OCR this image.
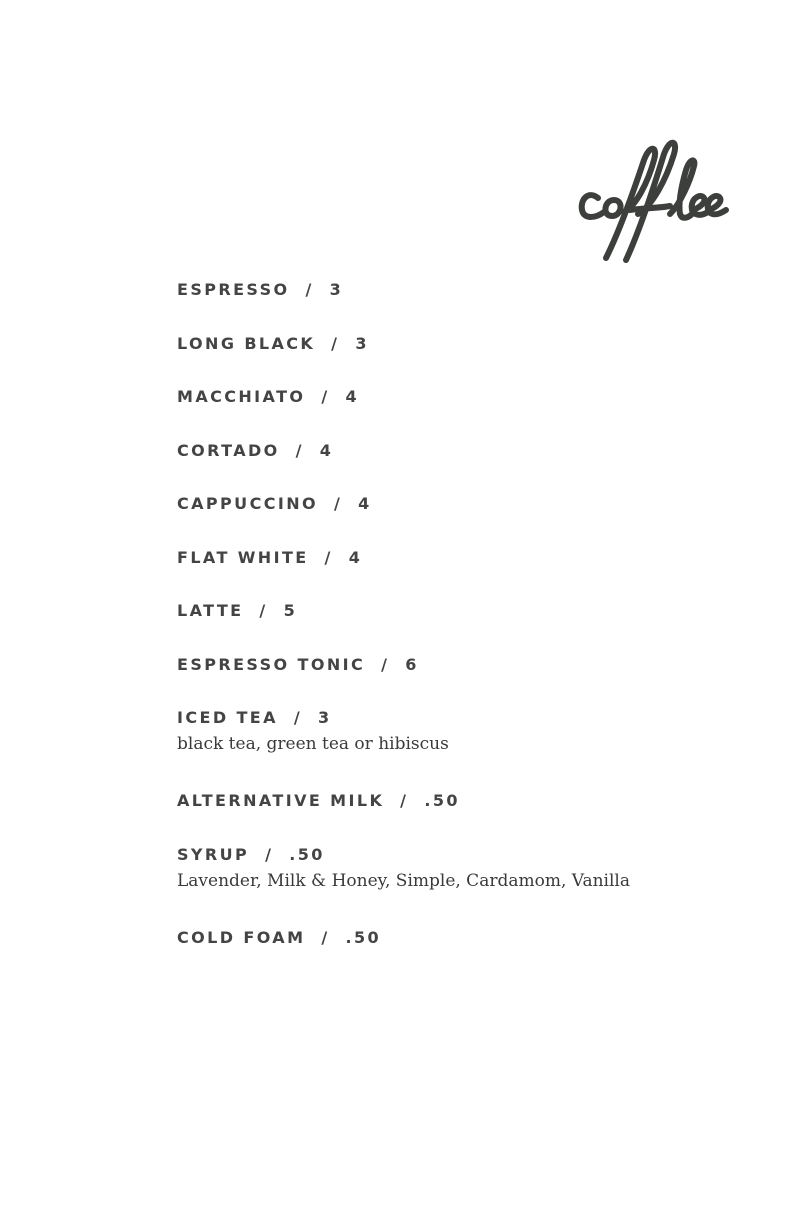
ESPRESSO  /  3
LONG BLACK  /  3
MACCHIATO  /  4
CORTADO  /  4
CAPPUCCINO  /  4
FLAT WHITE  /  4
LATTE  /  5
ESPRESSO TONIC  /  6
ICED TEA  /  3
black tea, green tea or hibiscus
ALTERNATIVE MILK  /  .50
SYRUP  /  .50
Lavender, Milk & Honey, Simple, Cardamom, Vanilla
COLD FOAM  /  .50
